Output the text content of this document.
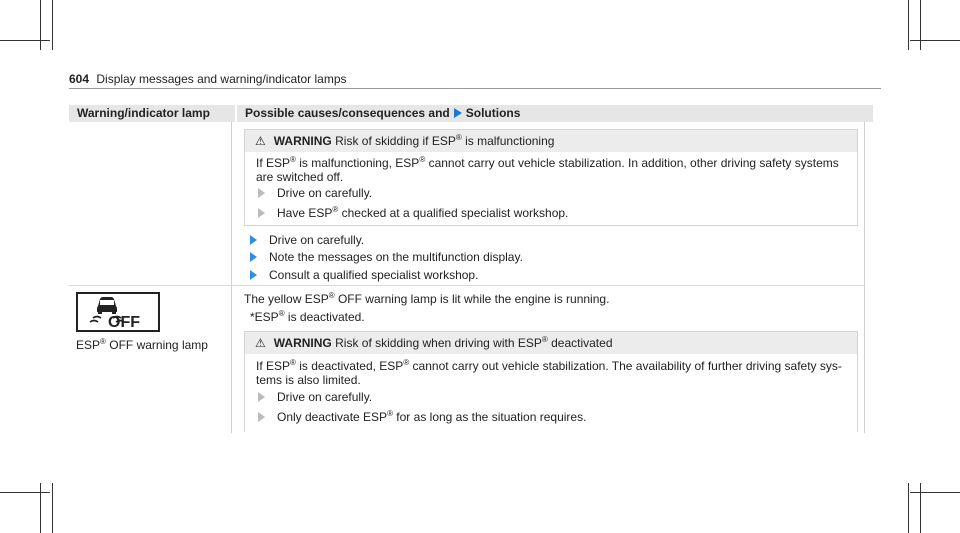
604 Display messages and warning/indicator lamps
Warning/indicator lamp	Possible causes/consequences and Solutions
⚠ WARNING Risk of skidding if ESP® is malfunctioning
If ESP® is malfunctioning, ESP® cannot carry out vehicle stabilization. In addition, other driving safety systems
are switched off.
Drive on carefully.
Have ESP® checked at a qualified specialist workshop.
Drive on carefully.
Note the messages on the multifunction display.
Consult a qualified specialist workshop.
OFF
ESP® OFF warning lamp
The yellow ESP® OFF warning lamp is lit while the engine is running.
*ESP® is deactivated.
⚠ WARNING Risk of skidding when driving with ESP® deactivated
If ESP® is deactivated, ESP® cannot carry out vehicle stabilization. The availability of further driving safety sys-
tems is also limited.
Drive on carefully.
Only deactivate ESP® for as long as the situation requires.
